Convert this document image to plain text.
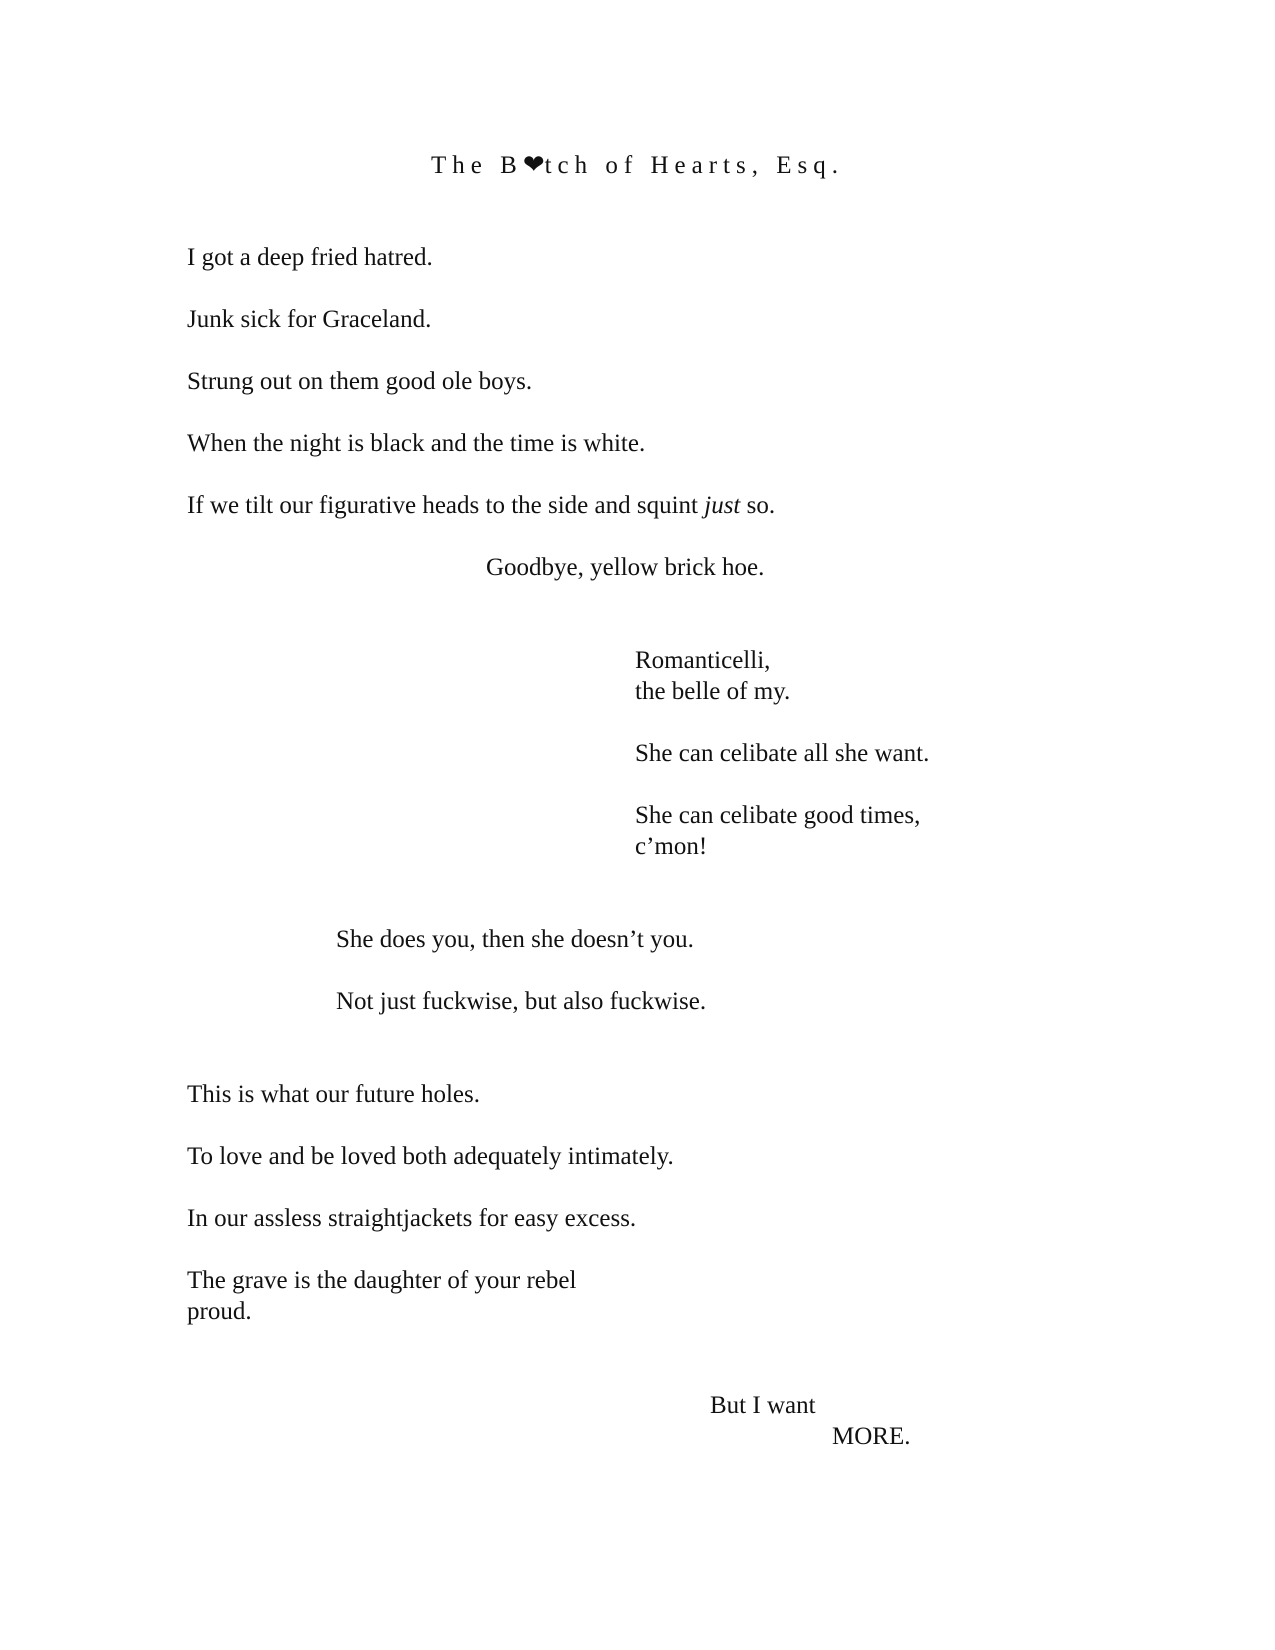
The B❤tch of Hearts, Esq.
I got a deep fried hatred.
Junk sick for Graceland.
Strung out on them good ole boys.
When the night is black and the time is white.
If we tilt our figurative heads to the side and squint just so.
Goodbye, yellow brick hoe.
Romanticelli,
the belle of my.
She can celibate all she want.
She can celibate good times,
c’mon!
She does you, then she doesn’t you.
Not just fuckwise, but also fuckwise.
This is what our future holes.
To love and be loved both adequately intimately.
In our assless straightjackets for easy excess.
The grave is the daughter of your rebel
proud.
But I want
MORE.
